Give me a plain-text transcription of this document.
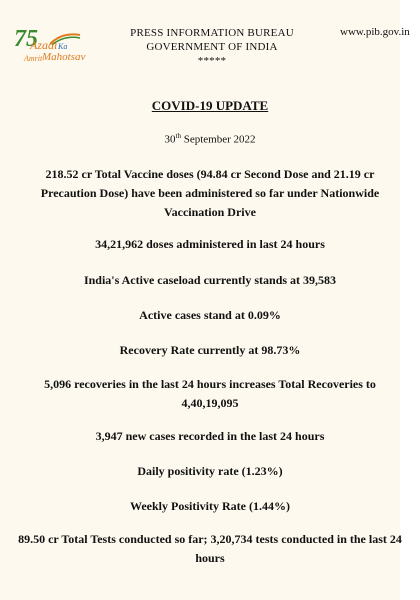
75
Azadi Ka
Amrit Mahotsav
PRESS INFORMATION BUREAU
GOVERNMENT OF INDIA
*****
www.pib.gov.in
COVID-19 UPDATE
30th September 2022
218.52 cr Total Vaccine doses (94.84 cr Second Dose and 21.19 cr
Precaution Dose) have been administered so far under Nationwide
Vaccination Drive
34,21,962 doses administered in last 24 hours
India's Active caseload currently stands at 39,583
Active cases stand at 0.09%
Recovery Rate currently at 98.73%
5,096 recoveries in the last 24 hours increases Total Recoveries to
4,40,19,095
3,947 new cases recorded in the last 24 hours
Daily positivity rate (1.23%)
Weekly Positivity Rate (1.44%)
89.50 cr Total Tests conducted so far; 3,20,734 tests conducted in the last 24
hours
